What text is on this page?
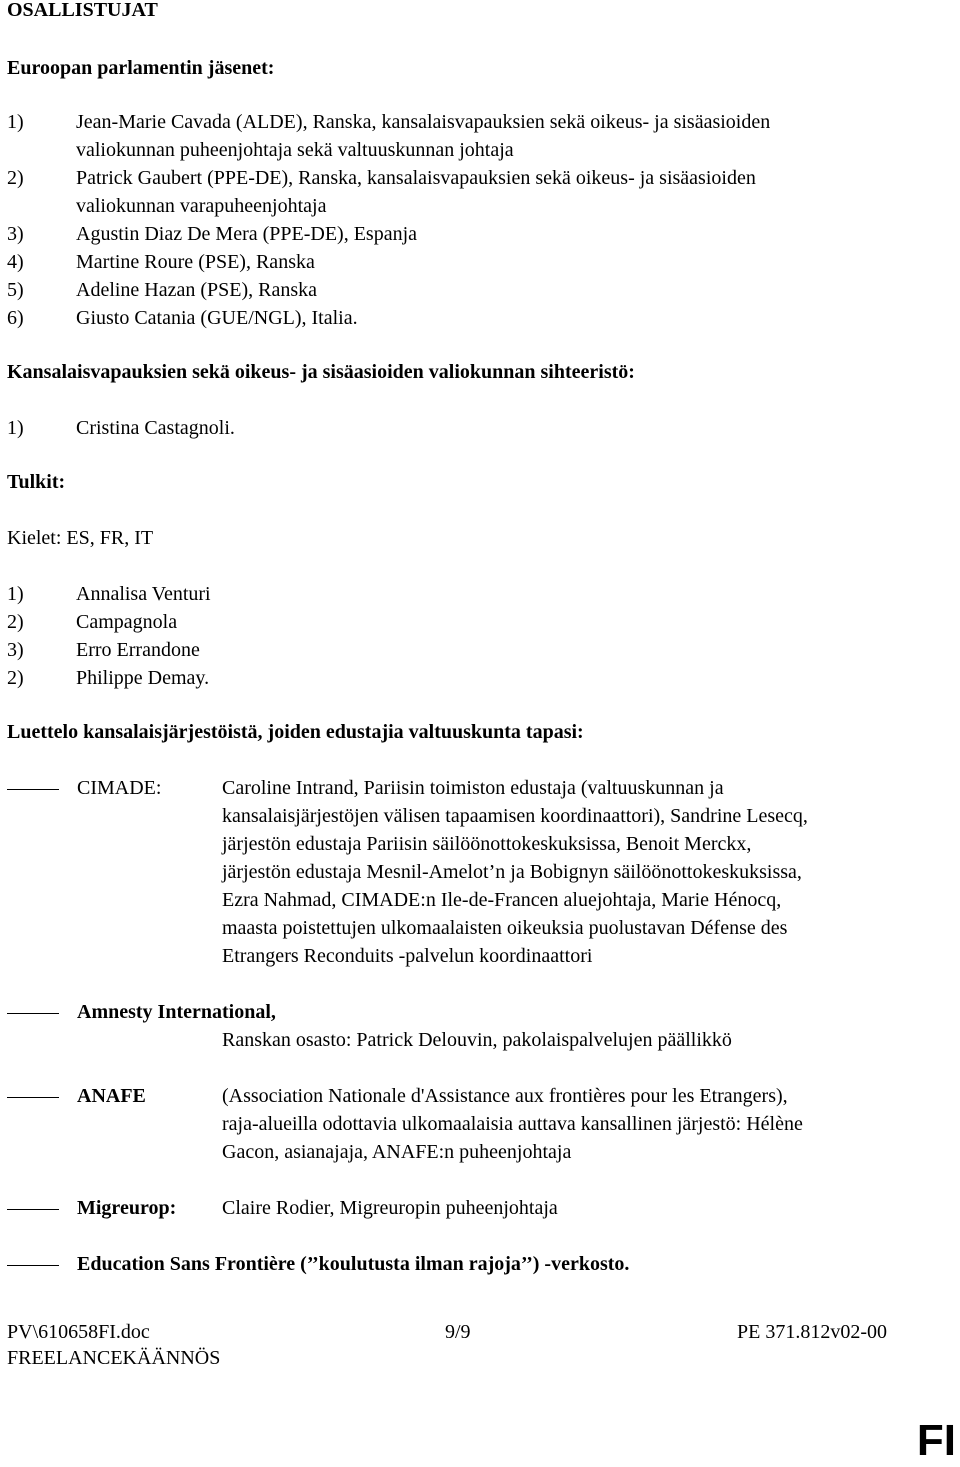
OSALLISTUJAT
Euroopan parlamentin jäsenet:
1)	Jean-Marie Cavada (ALDE), Ranska, kansalaisvapauksien sekä oikeus- ja sisäasioiden
valiokunnan puheenjohtaja sekä valtuuskunnan johtaja
2)	Patrick Gaubert (PPE-DE), Ranska, kansalaisvapauksien sekä oikeus- ja sisäasioiden
valiokunnan varapuheenjohtaja
3)	Agustin Diaz De Mera (PPE-DE), Espanja
4)	Martine Roure (PSE), Ranska
5)	Adeline Hazan (PSE), Ranska
6)	Giusto Catania (GUE/NGL), Italia.
Kansalaisvapauksien sekä oikeus- ja sisäasioiden valiokunnan sihteeristö:
1)	Cristina Castagnoli.
Tulkit:
Kielet: ES, FR, IT
1)	Annalisa Venturi
2)	Campagnola
3)	Erro Errandone
2)	Philippe Demay.
Luettelo kansalaisjärjestöistä, joiden edustajia valtuuskunta tapasi:
CIMADE:	Caroline Intrand, Pariisin toimiston edustaja (valtuuskunnan ja
kansalaisjärjestöjen välisen tapaamisen koordinaattori), Sandrine Lesecq,
järjestön edustaja Pariisin säilöönottokeskuksissa, Benoit Merckx,
järjestön edustaja Mesnil-Amelot’n ja Bobignyn säilöönottokeskuksissa,
Ezra Nahmad, CIMADE:n Ile-de-Francen aluejohtaja, Marie Hénocq,
maasta poistettujen ulkomaalaisten oikeuksia puolustavan Défense des
Etrangers Reconduits -palvelun koordinaattori
Amnesty International,
Ranskan osasto: Patrick Delouvin, pakolaispalvelujen päällikkö
ANAFE	(Association Nationale d'Assistance aux frontières pour les Etrangers),
raja-alueilla odottavia ulkomaalaisia auttava kansallinen järjestö: Hélène
Gacon, asianajaja, ANAFE:n puheenjohtaja
Migreurop: Claire Rodier, Migreuropin puheenjohtaja
Education Sans Frontière (’’koulutusta ilman rajoja’’) -verkosto.
PV\610658FI.doc	9/9	PE 371.812v02-00
FREELANCEKÄÄNNÖS
FI
